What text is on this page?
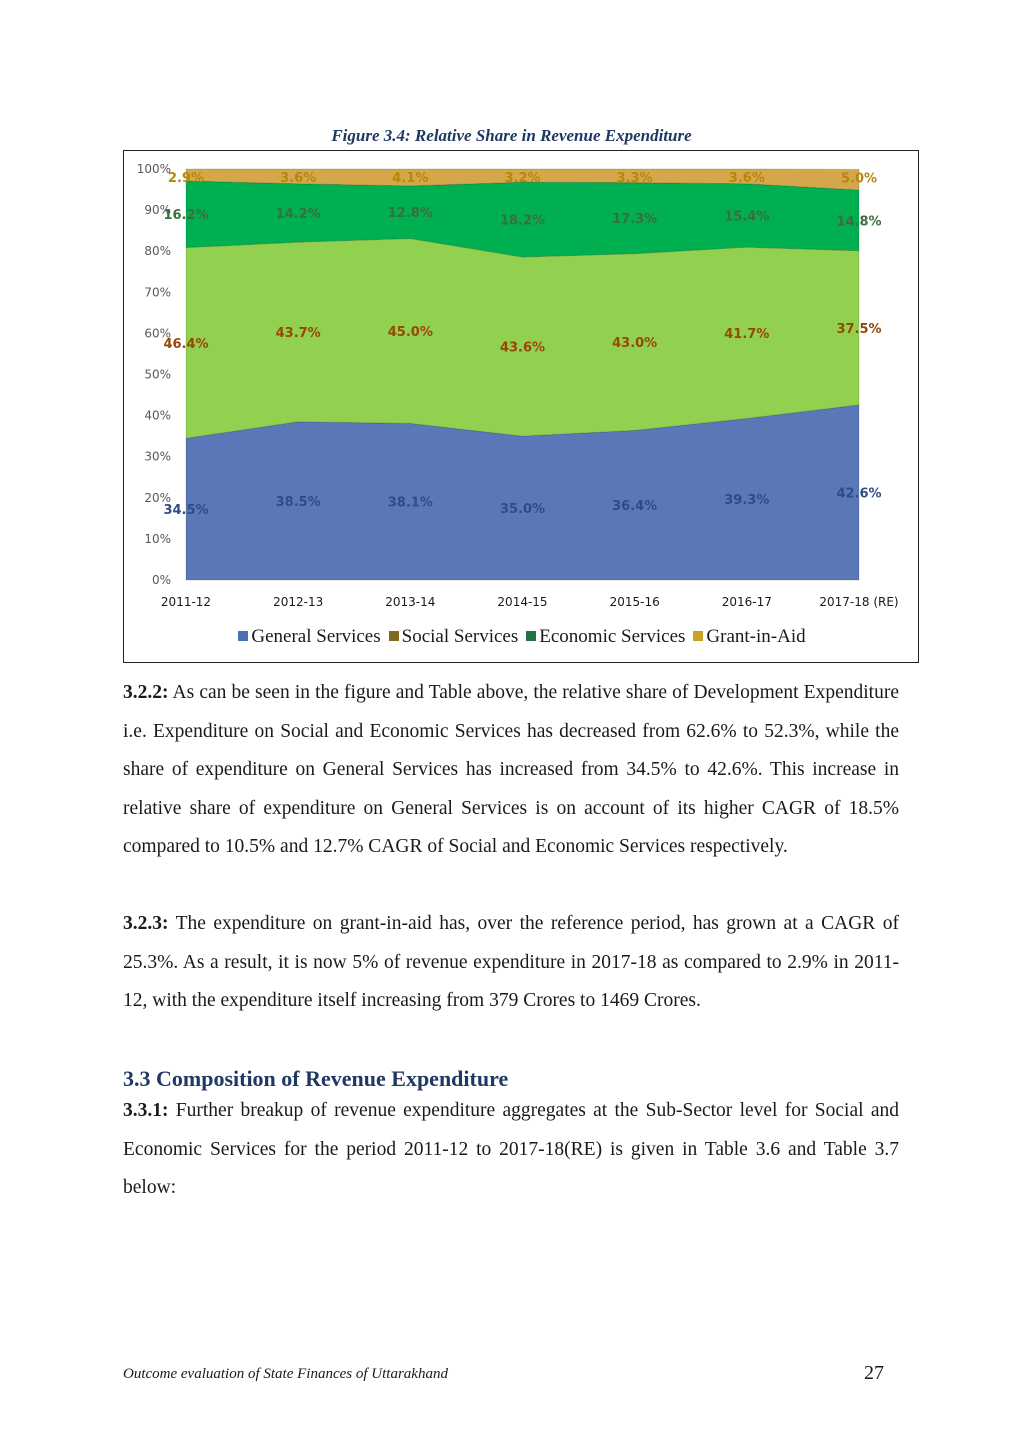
Figure 3.4: Relative Share in Revenue Expenditure
0%
10%
20%
30%
40%
50%
60%
70%
80%
90%
100%
34.5%
38.5%	38.1%	35.0%	36.4%	39.3%	42.6%
46.4%
43.7%	45.0%
43.6%	43.0%
41.7%	37.5%
16.2%	14.2%	12.8%	18.2%	17.3%	15.4%	14.8%
2.9%	3.6%	4.1%	3.2%	3.3%	3.6%	5.0%
2011-12	2012-13	2013-14	2014-15	2015-16	2016-17	2017-18 (RE)
General Services Social Services Economic Services Grant-in-Aid

3.2.2: As can be seen in the figure and Table above, the relative share of Development Expenditure i.e. Expenditure on Social and Economic Services has decreased from 62.6% to 52.3%, while the share of expenditure on General Services has increased from 34.5% to 42.6%. This increase in relative share of expenditure on General Services is on account of its higher CAGR of 18.5% compared to 10.5% and 12.7% CAGR of Social and Economic Services respectively.

3.2.3: The expenditure on grant-in-aid has, over the reference period, has grown at a CAGR of 25.3%. As a result, it is now 5% of revenue expenditure in 2017-18 as compared to 2.9% in 2011-12, with the expenditure itself increasing from 379 Crores to 1469 Crores.

3.3 Composition of Revenue Expenditure

3.3.1: Further breakup of revenue expenditure aggregates at the Sub-Sector level for Social and Economic Services for the period 2011-12 to 2017-18(RE) is given in Table 3.6 and Table 3.7 below:

Outcome evaluation of State Finances of Uttarakhand	27
